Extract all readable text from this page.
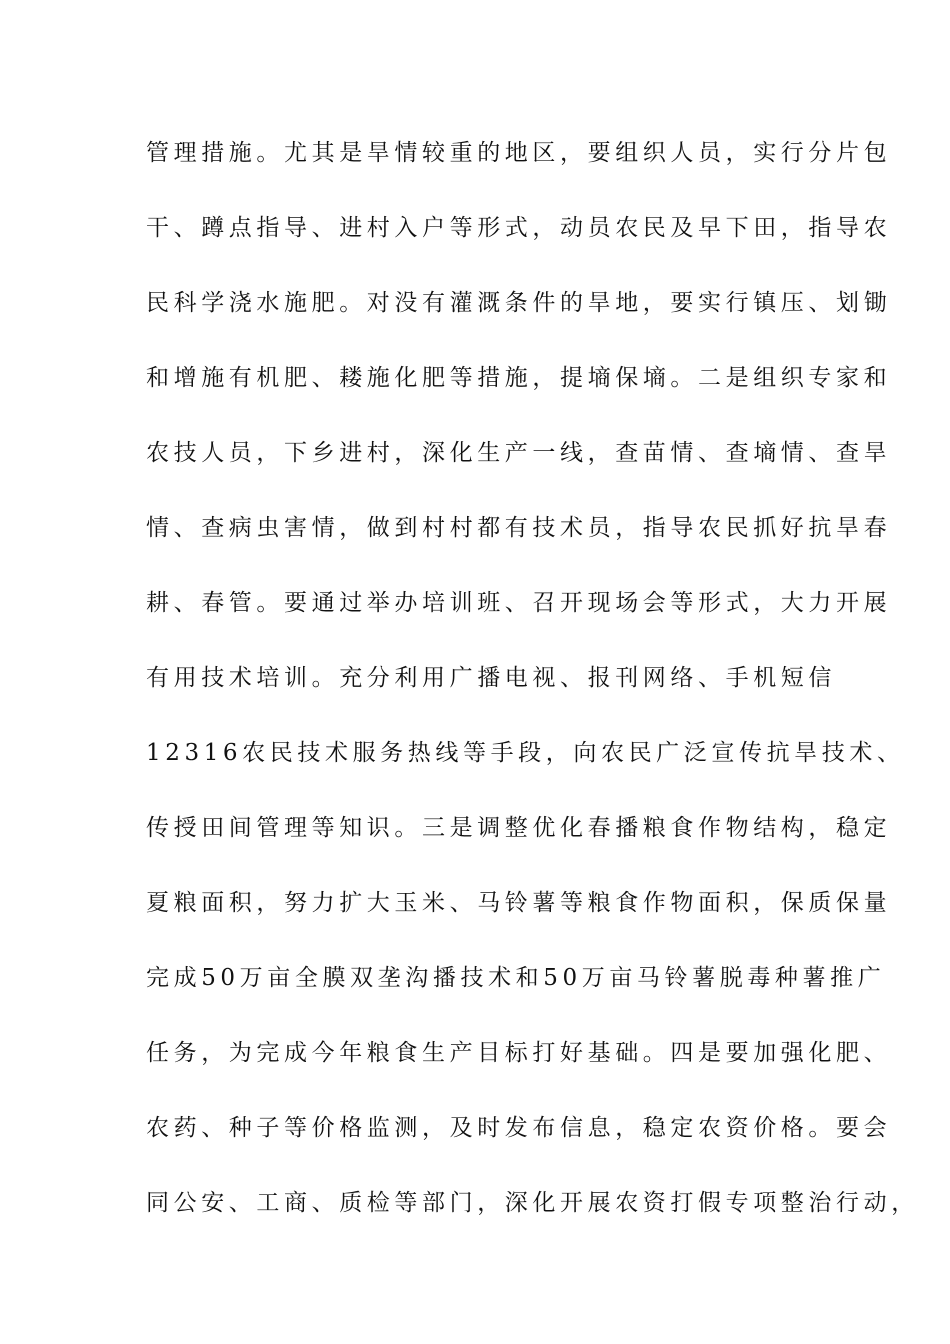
管理措施。尤其是旱情较重的地区，要组织人员，实行分片包
干、蹲点指导、进村入户等形式，动员农民及早下田，指导农
民科学浇水施肥。对没有灌溉条件的旱地，要实行镇压、划锄
和增施有机肥、耧施化肥等措施，提墒保墒。二是组织专家和
农技人员，下乡进村，深化生产一线，查苗情、查墒情、查旱
情、查病虫害情，做到村村都有技术员，指导农民抓好抗旱春
耕、春管。要通过举办培训班、召开现场会等形式，大力开展
有用技术培训。充分利用广播电视、报刊网络、手机短信
12316农民技术服务热线等手段，向农民广泛宣传抗旱技术、
传授田间管理等知识。三是调整优化春播粮食作物结构，稳定
夏粮面积，努力扩大玉米、马铃薯等粮食作物面积，保质保量
完成50万亩全膜双垄沟播技术和50万亩马铃薯脱毒种薯推广
任务，为完成今年粮食生产目标打好基础。四是要加强化肥、
农药、种子等价格监测，及时发布信息，稳定农资价格。要会
同公安、工商、质检等部门，深化开展农资打假专项整治行动，
